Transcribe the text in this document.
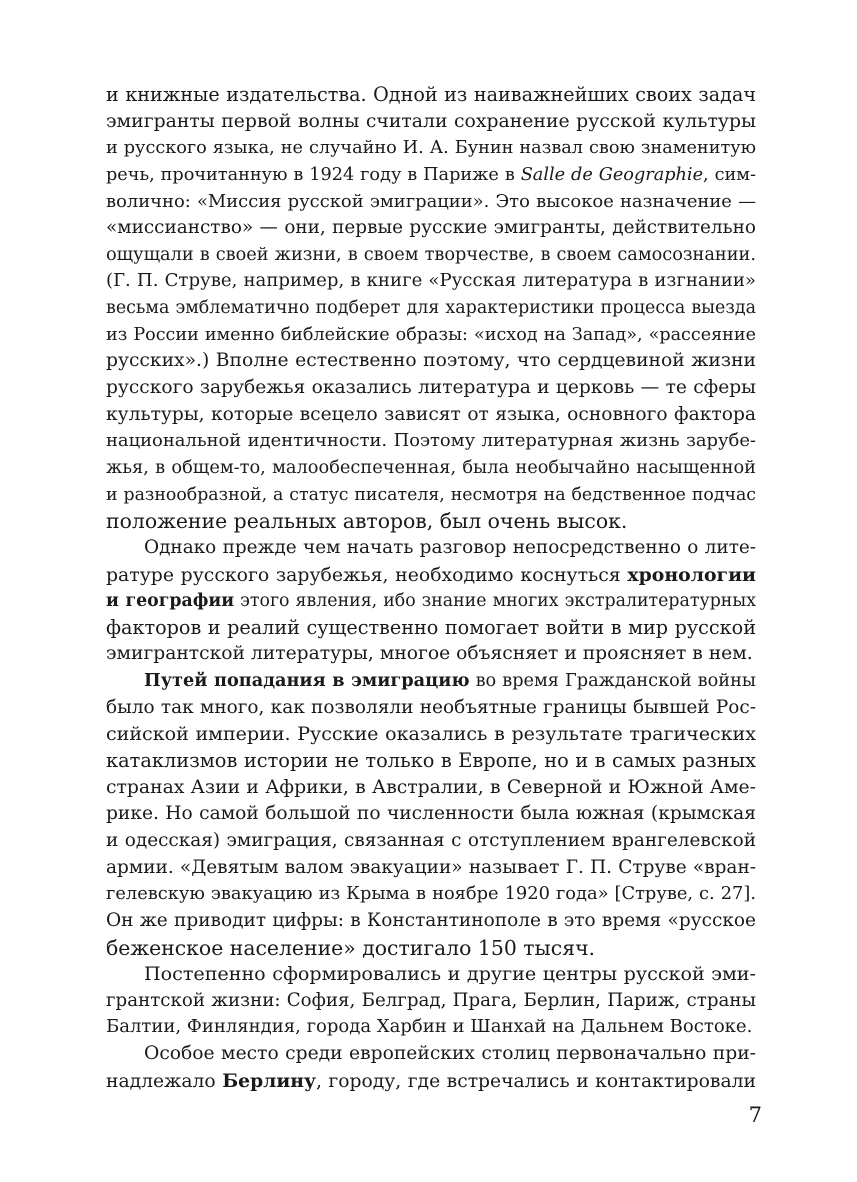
и книжные издательства. Одной из наиважнейших своих задач
эмигранты первой волны считали сохранение русской культуры
и русского языка, не случайно И. А. Бунин назвал свою знаменитую
речь, прочитанную в 1924 году в Париже в Salle de Geographie, сим-
волично: «Миссия русской эмиграции». Это высокое назначение —
«миссианство» — они, первые русские эмигранты, действительно
ощущали в своей жизни, в своем творчестве, в своем самосознании.
(Г. П. Струве, например, в книге «Русская литература в изгнании»
весьма эмблематично подберет для характеристики процесса выезда
из России именно библейские образы: «исход на Запад», «рассеяние
русских».) Вполне естественно поэтому, что сердцевиной жизни
русского зарубежья оказались литература и церковь — те сферы
культуры, которые всецело зависят от языка, основного фактора
национальной идентичности. Поэтому литературная жизнь зарубе-
жья, в общем-то, малообеспеченная, была необычайно насыщенной
и разнообразной, а статус писателя, несмотря на бедственное подчас
положение реальных авторов, был очень высок.
Однако прежде чем начать разговор непосредственно о лите-
ратуре русского зарубежья, необходимо коснуться хронологии
и географии этого явления, ибо знание многих экстралитературных
факторов и реалий существенно помогает войти в мир русской
эмигрантской литературы, многое объясняет и проясняет в нем.
Путей попадания в эмиграцию во время Гражданской войны
было так много, как позволяли необъятные границы бывшей Рос-
сийской империи. Русские оказались в результате трагических
катаклизмов истории не только в Европе, но и в самых разных
странах Азии и Африки, в Австралии, в Северной и Южной Аме-
рике. Но самой большой по численности была южная (крымская
и одесская) эмиграция, связанная с отступлением врангелевской
армии. «Девятым валом эвакуации» называет Г. П. Струве «вран-
гелевскую эвакуацию из Крыма в ноябре 1920 года» [Струве, с. 27].
Он же приводит цифры: в Константинополе в это время «русское
беженское население» достигало 150 тысяч.
Постепенно сформировались и другие центры русской эми-
грантской жизни: София, Белград, Прага, Берлин, Париж, страны
Балтии, Финляндия, города Харбин и Шанхай на Дальнем Востоке.
Особое место среди европейских столиц первоначально при-
надлежало Берлину, городу, где встречались и контактировали
7
